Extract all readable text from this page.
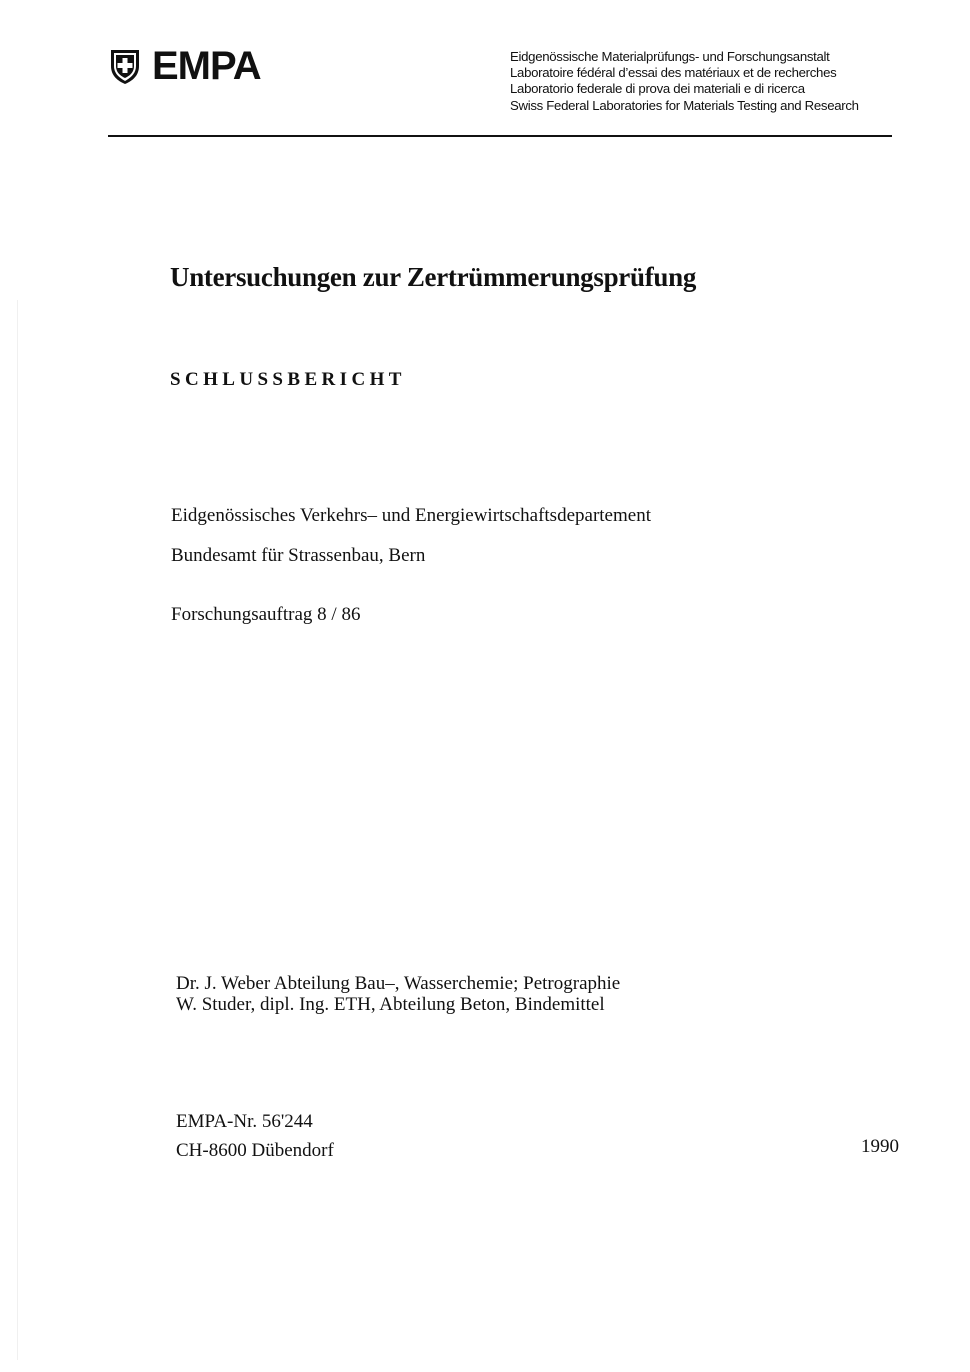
EMPA	Eidgenössische Materialprüfungs- und Forschungsanstalt
Laboratoire fédéral d’essai des matériaux et de recherches
Laboratorio federale di prova dei materiali e di ricerca
Swiss Federal Laboratories for Materials Testing and Research
Untersuchungen zur Zertrümmerungsprüfung
SCHLUSSBERICHT
Eidgenössisches Verkehrs– und Energiewirtschaftsdepartement
Bundesamt für Strassenbau, Bern
Forschungsauftrag 8 / 86
Dr. J. Weber Abteilung Bau–, Wasserchemie; Petrographie
W. Studer, dipl. Ing. ETH, Abteilung Beton, Bindemittel
EMPA-Nr. 56'244
CH-8600 Dübendorf	1990
